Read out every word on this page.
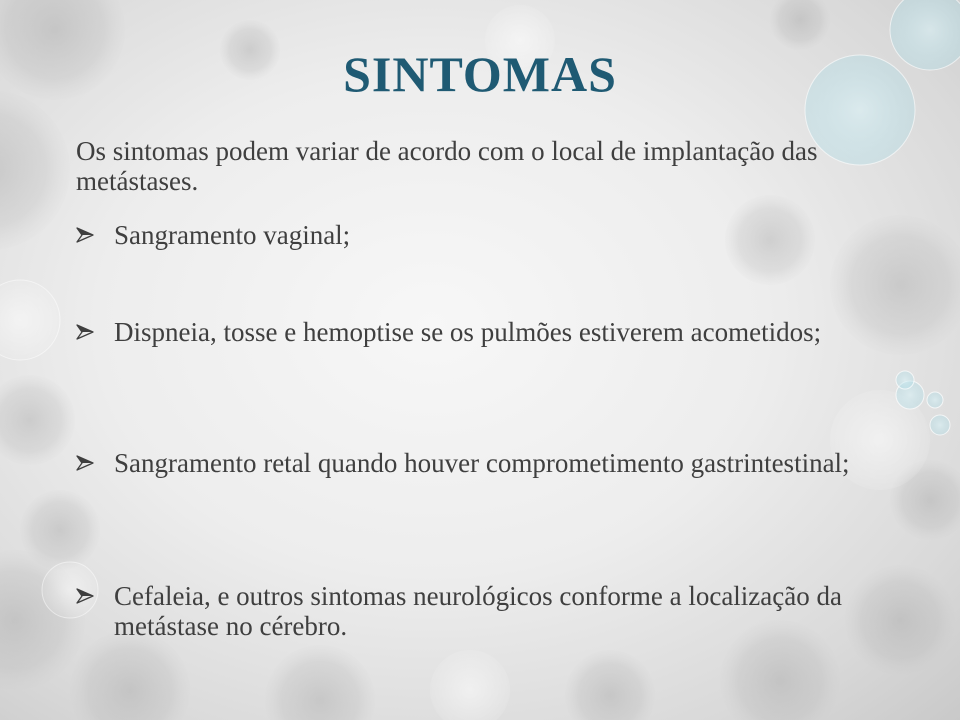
SINTOMAS

Os sintomas podem variar de acordo com o local de implantação das metástases.

Sangramento vaginal;
Dispneia, tosse e hemoptise se os pulmões estiverem acometidos;
Sangramento retal quando houver comprometimento gastrintestinal;
Cefaleia, e outros sintomas neurológicos conforme a localização da metástase no cérebro.
